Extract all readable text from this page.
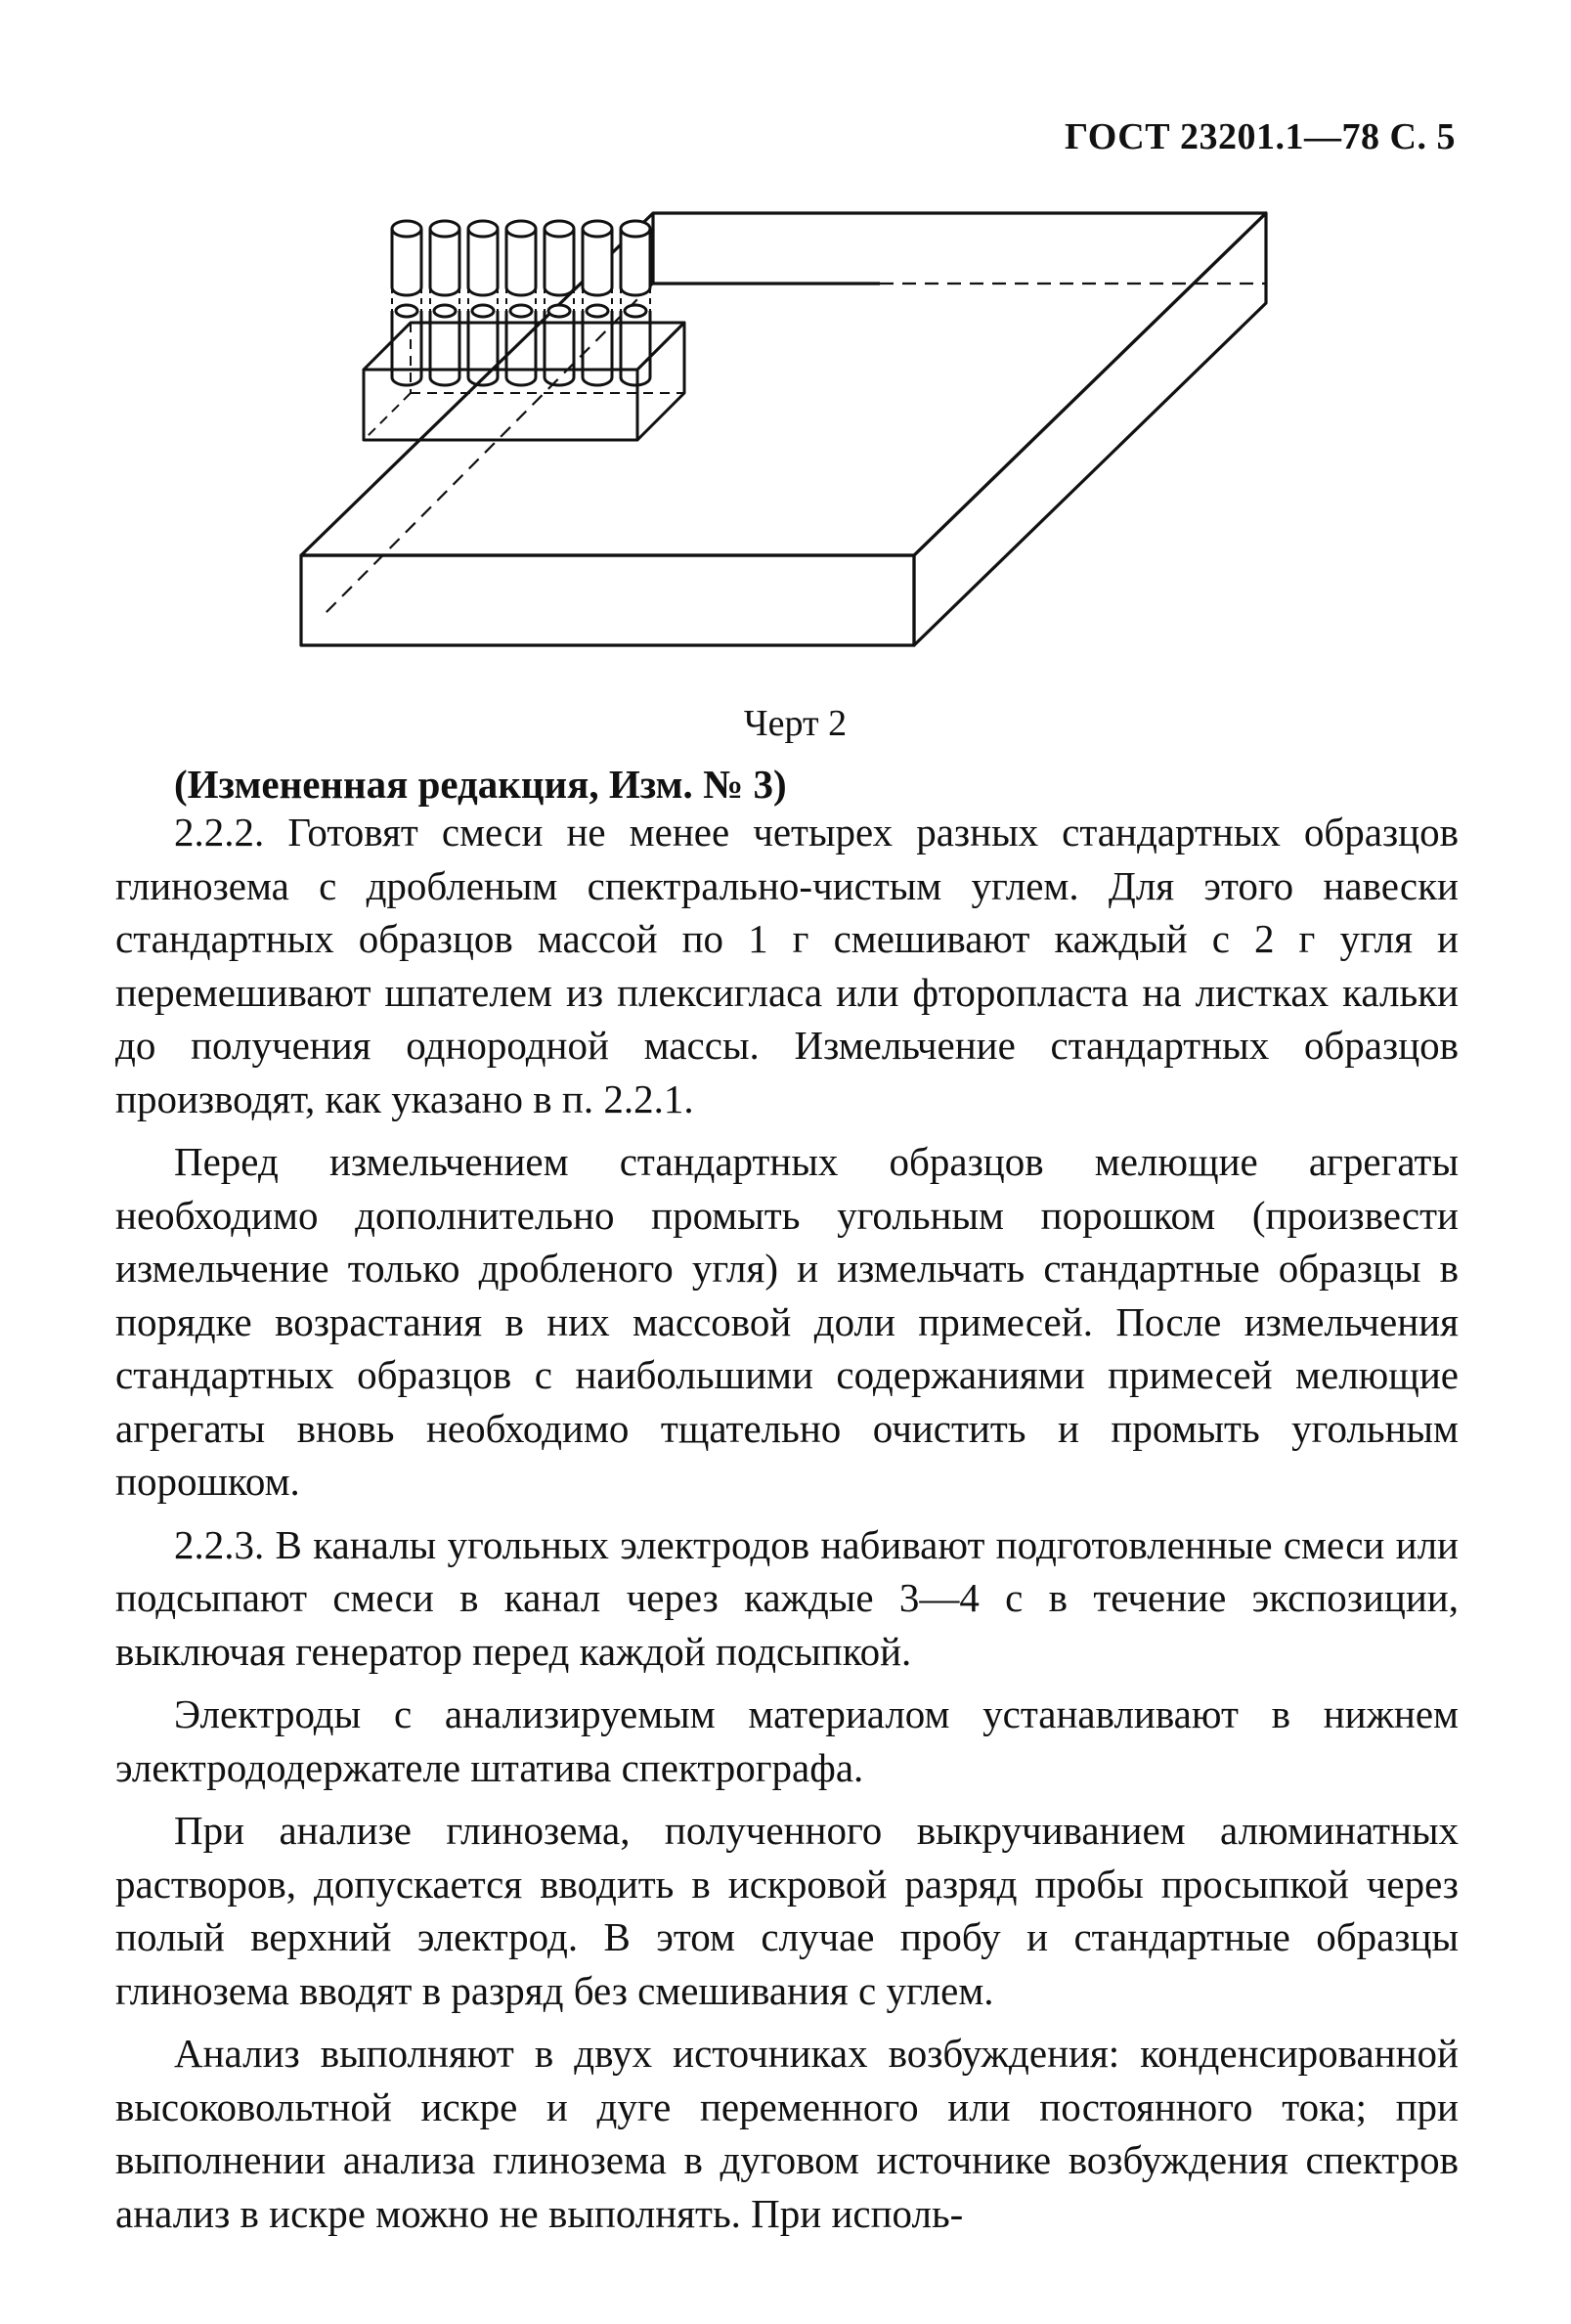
ГОСТ 23201.1—78 С. 5
Черт 2
(Измененная редакция, Изм. № 3)

2.2.2. Готовят смеси не менее четырех разных стандартных образцов глинозема с дробленым спектрально-чистым углем. Для этого навески стандартных образцов массой по 1 г смешивают каждый с 2 г угля и перемешивают шпателем из плексигласа или фторопласта на листках кальки до получения однородной массы. Измельчение стандартных образцов производят, как указано в п. 2.2.1.

Перед измельчением стандартных образцов мелющие агрегаты необходимо дополнительно промыть угольным порошком (произвести измельчение только дробленого угля) и измельчать стандартные образцы в порядке возрастания в них массовой доли примесей. После измельчения стандартных образцов с наибольшими содержаниями примесей мелющие агрегаты вновь необходимо тщательно очистить и промыть угольным порошком.

2.2.3. В каналы угольных электродов набивают подготовленные смеси или подсыпают смеси в канал через каждые 3—4 с в течение экспозиции, выключая генератор перед каждой подсыпкой.

Электроды с анализируемым материалом устанавливают в нижнем электрододержателе штатива спектрографа.

При анализе глинозема, полученного выкручиванием алюминатных растворов, допускается вводить в искровой разряд пробы просыпкой через полый верхний электрод. В этом случае пробу и стандартные образцы глинозема вводят в разряд без смешивания с углем.

Анализ выполняют в двух источниках возбуждения: конденсированной высоковольтной искре и дуге переменного или постоянного тока; при выполнении анализа глинозема в дуговом источнике возбуждения спектров анализ в искре можно не выполнять. При исполь-
